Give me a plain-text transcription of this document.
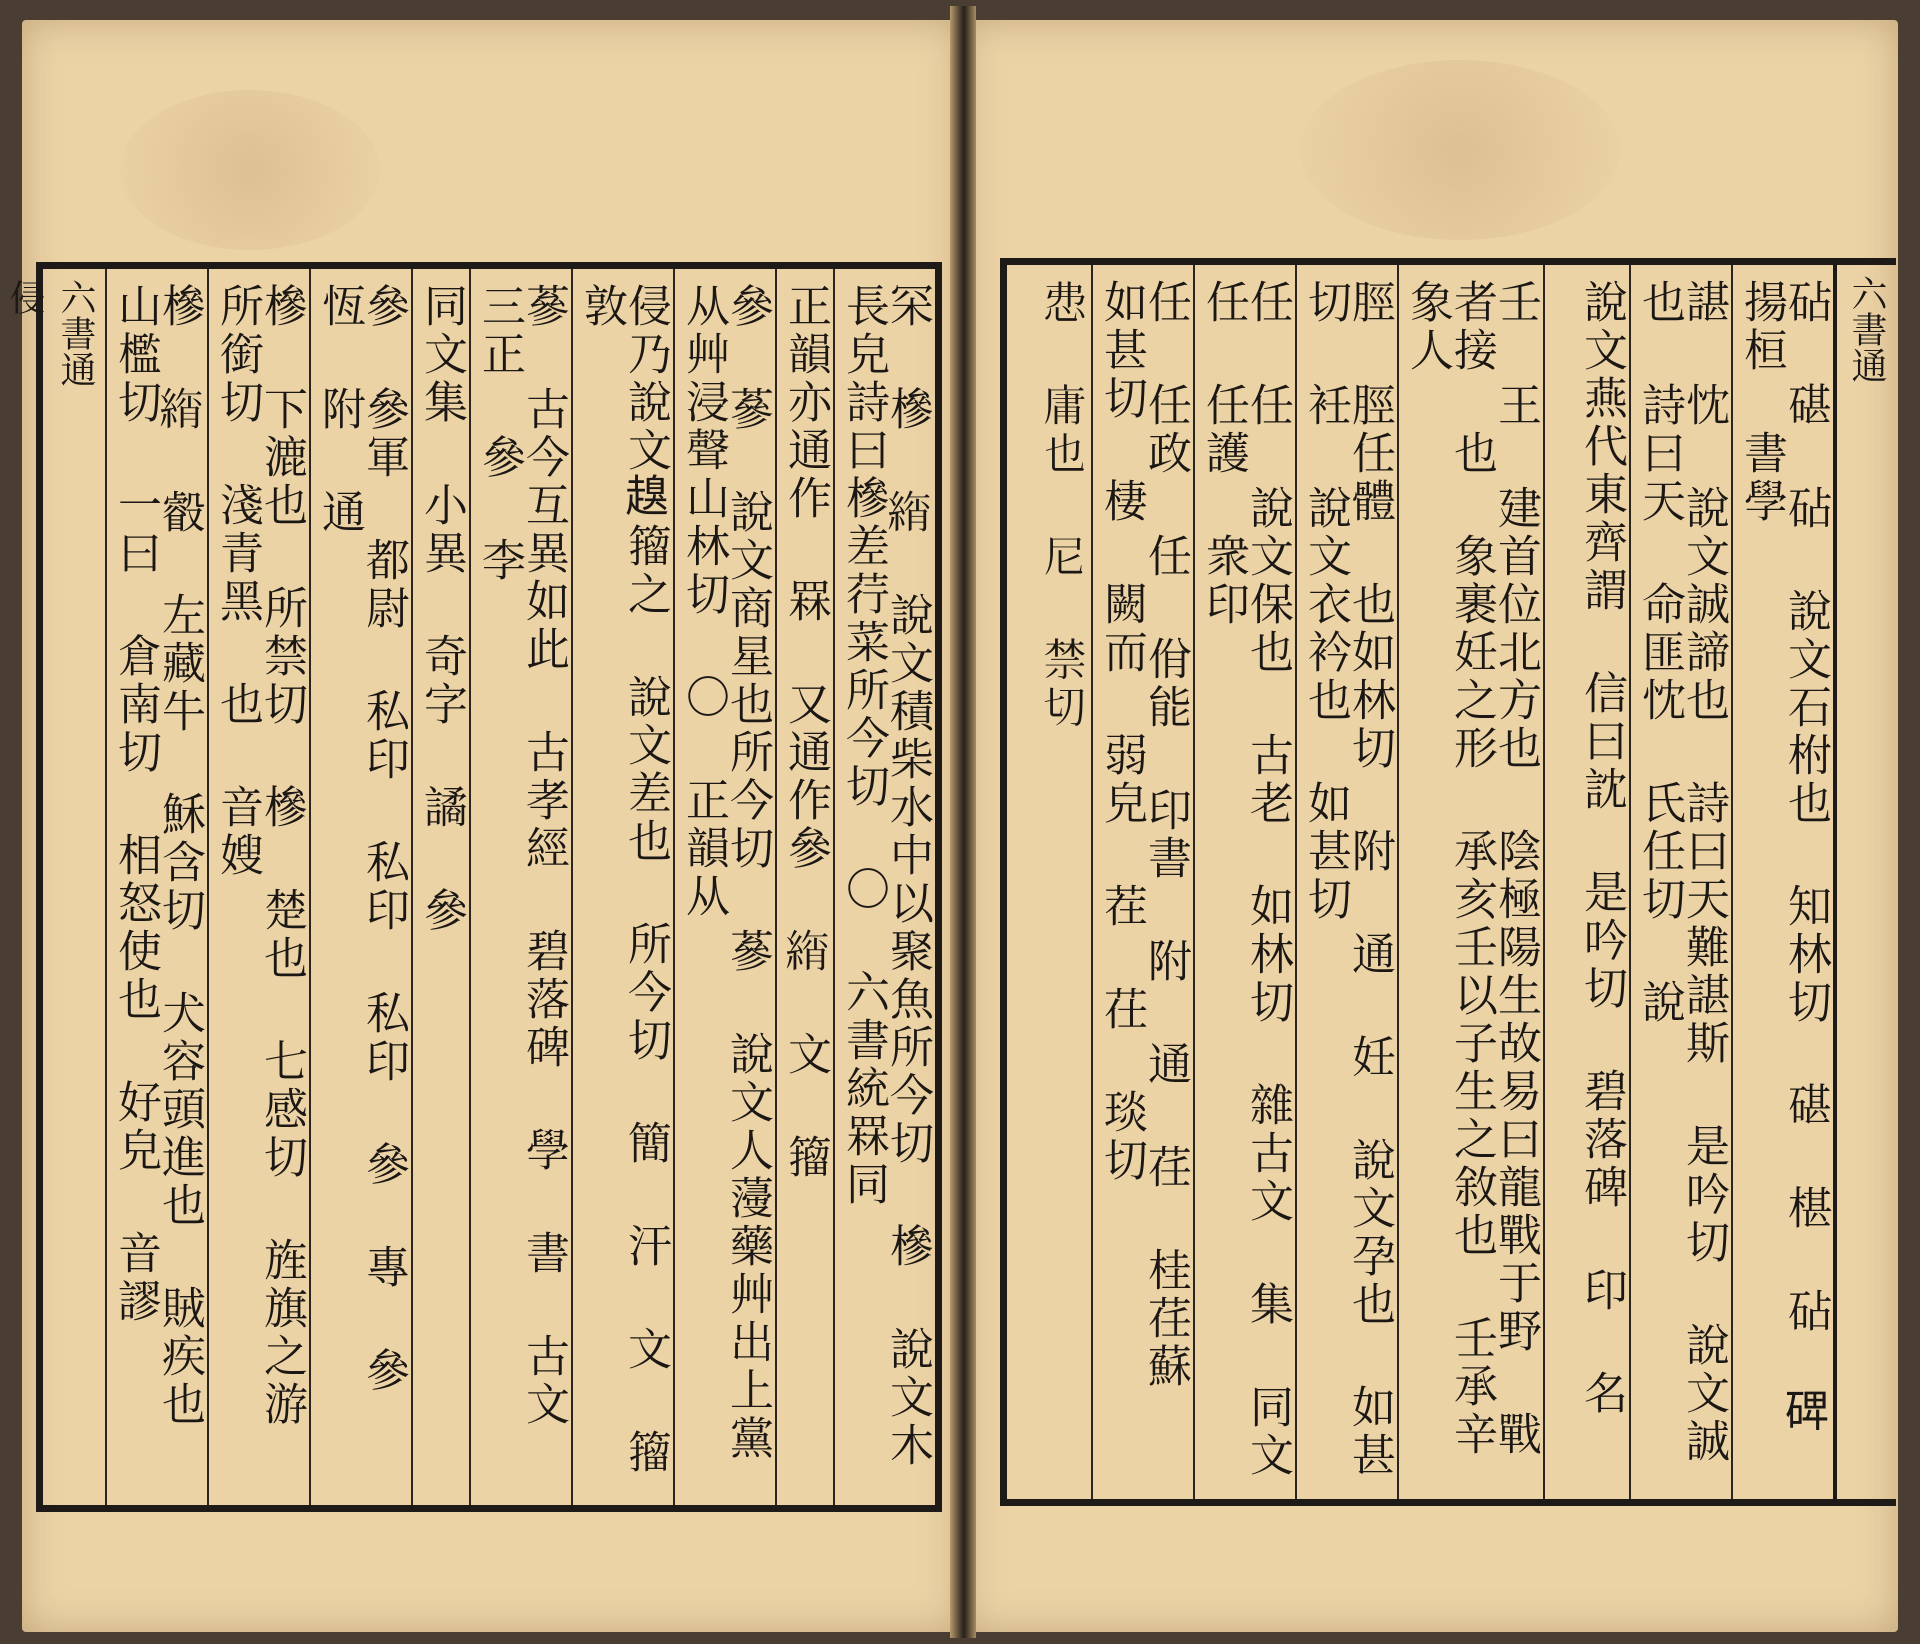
罙 槮 𦂚 說文積柴水中以聚魚所今切 槮 說文木長皃詩曰槮差荇菜所今切 〇 六書統罧同
正韻亦通作 罧 又通作參 𦂚 文 籀
參 蔘 說文商星也所今切 蔘 說文人薓藥艸出上黨从艸浸聲山林切 〇 正韻从
侵乃說文𧽒籀之 說文差也 所今切 簡 汗 文 籀 敦
蔘 古今互異如此 古孝經 碧落碑 學 書 古文 三正 參 李
同文集 小異 奇字 譎 參
參 參軍 都尉 私印 私印 私印 參 專 參 恆 附 通
槮 下漉也 所禁切 槮 楚也 七感切 旌旗之游 所銜切 淺青黑 也 音嫂
槮 𦂚 㲊 左藏牛 穌含切 犬容頭進也 賊疾也 山檻切 一曰 倉南切 相怒使也 好皃 音謬
六書通
侵	六書通
砧 碪 砧 說文石柎也 知林切 碪 椹 砧 𥓓 揚桓 書學
諶 忱 說文誠諦也 詩曰天難諶斯 是吟切 說文誠也 詩曰天 命匪忱 氏任切 說
說文燕代東齊謂 信曰訦 是吟切 碧落碑 印 名
壬 王 建首位北方也 陰極陽生故易曰龍戰于野 戰者接 也 象裹妊之形 承亥壬以子生之敘也 壬承辛象人
脛 脛任體 也如林切 附 通 妊 說文孕也 如甚切 衽 說文衣衿也 如甚切
任 任 說文保也 古老 如林切 雜古文 集 同文 任 任護 衆印
任 任政 任 佾能 印書 附 通 荏 桂荏蘇 如甚切 棲 闕而 弱皃 茬 茌 琰切
𢘍 庸也 尼 禁切
